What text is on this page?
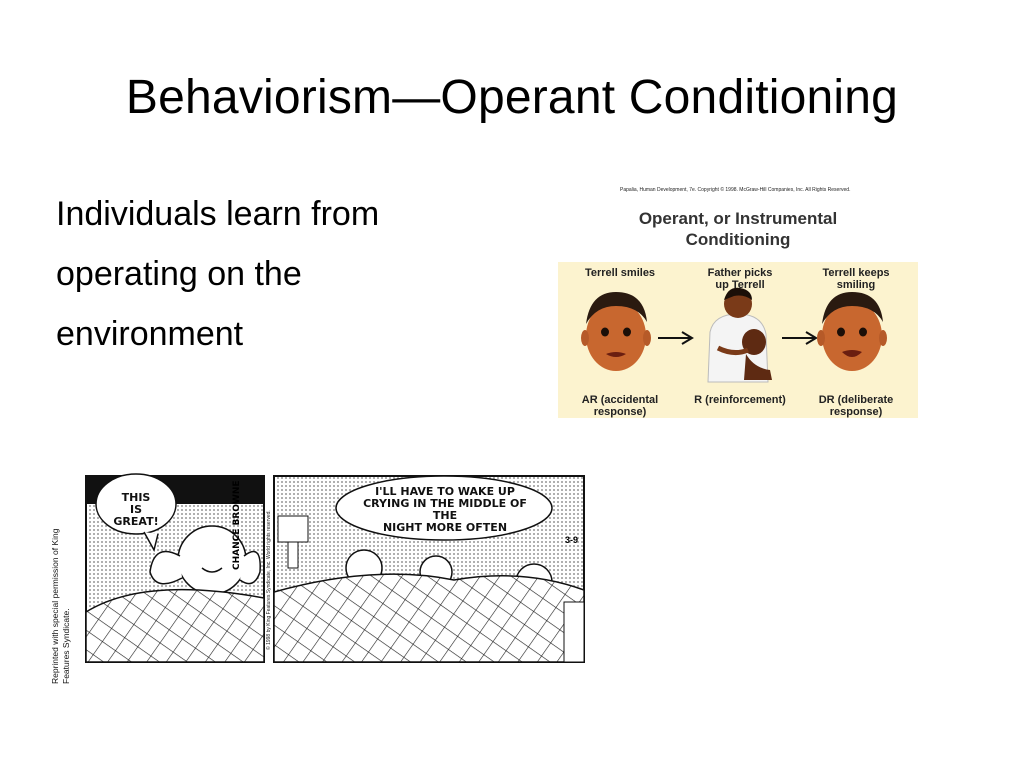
Behaviorism—Operant Conditioning
Individuals learn from
operating on the
environment
Papalia, Human Development, 7e. Copyright © 1998. McGraw-Hill Companies, Inc. All Rights Reserved.
Operant, or Instrumental
Conditioning
Terrell smiles	Father picks
up Terrell
Terrell keeps
smiling
AR (accidental
response)
R (reinforcement)	DR (deliberate
response)
THIS
IS
GREAT!
I'LL HAVE TO WAKE UP
CRYING IN THE MIDDLE OF THE
NIGHT MORE OFTEN
3-9
CHANCE BROWNE	© 1998 by King Features Syndicate, Inc. World rights reserved.
Reprinted with special permission of King Features Syndicate.
